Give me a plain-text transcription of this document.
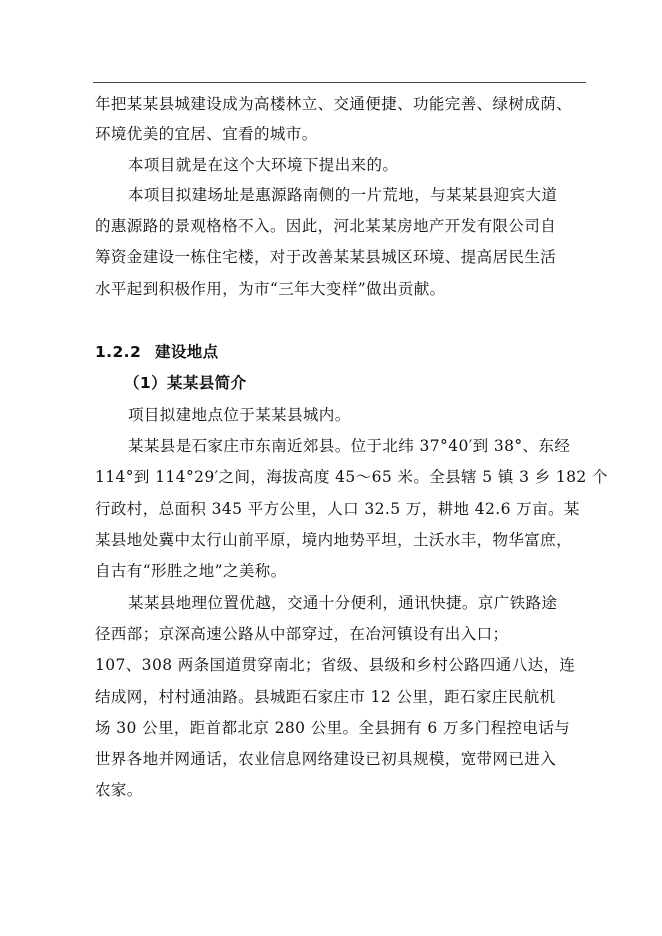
年把某某县城建设成为高楼林立、交通便捷、功能完善、绿树成荫、
环境优美的宜居、宜看的城市。
本项目就是在这个大环境下提出来的。
本项目拟建场址是惠源路南侧的一片荒地，与某某县迎宾大道
的惠源路的景观格格不入。因此，河北某某房地产开发有限公司自
筹资金建设一栋住宅楼，对于改善某某县城区环境、提高居民生活
水平起到积极作用，为市“三年大变样”做出贡献。
1.2.2 建设地点
（1）某某县简介
项目拟建地点位于某某县城内。
某某县是石家庄市东南近郊县。位于北纬 37°40′到 38°、东经
114°到 114°29′之间，海拔高度 45～65 米。全县辖 5 镇 3 乡 182 个
行政村，总面积 345 平方公里，人口 32.5 万，耕地 42.6 万亩。某
某县地处冀中太行山前平原，境内地势平坦，土沃水丰，物华富庶，
自古有“形胜之地”之美称。
某某县地理位置优越，交通十分便利，通讯快捷。京广铁路途
径西部；京深高速公路从中部穿过，在冶河镇设有出入口；
107、308 两条国道贯穿南北；省级、县级和乡村公路四通八达，连
结成网，村村通油路。县城距石家庄市 12 公里，距石家庄民航机
场 30 公里，距首都北京 280 公里。全县拥有 6 万多门程控电话与
世界各地并网通话，农业信息网络建设已初具规模，宽带网已进入
农家。
